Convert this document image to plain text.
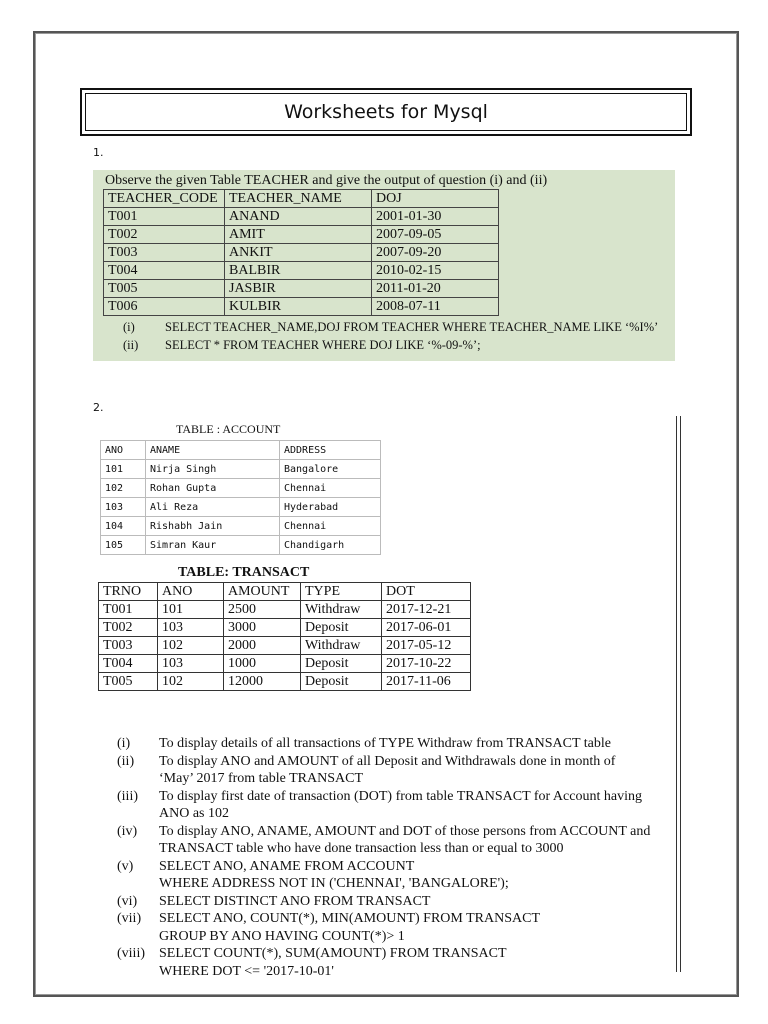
Worksheets for Mysql
1.
Observe the given Table TEACHER and give the output of question (i) and (ii)
TEACHER_CODE	TEACHER_NAME	DOJ
T001	ANAND	2001-01-30
T002	AMIT	2007-09-05
T003	ANKIT	2007-09-20
T004	BALBIR	2010-02-15
T005	JASBIR	2011-01-20
T006	KULBIR	2008-07-11
(i) SELECT TEACHER_NAME,DOJ FROM TEACHER WHERE TEACHER_NAME LIKE ‘%I%’
(ii) SELECT * FROM TEACHER WHERE DOJ LIKE ‘%-09-%’;
2.
TABLE : ACCOUNT
ANO	ANAME	ADDRESS
101	Nirja Singh	Bangalore
102	Rohan Gupta	Chennai
103	Ali Reza	Hyderabad
104	Rishabh Jain	Chennai
105	Simran Kaur	Chandigarh
TABLE: TRANSACT
TRNO	ANO	AMOUNT	TYPE	DOT
T001	101	2500	Withdraw	2017-12-21
T002	103	3000	Deposit	2017-06-01
T003	102	2000	Withdraw	2017-05-12
T004	103	1000	Deposit	2017-10-22
T005	102	12000	Deposit	2017-11-06
(i)	To display details of all transactions of TYPE Withdraw from TRANSACT table
(ii)	To display ANO and AMOUNT of all Deposit and Withdrawals done in month of
‘May’ 2017 from table TRANSACT
(iii)	To display first date of transaction (DOT) from table TRANSACT for Account having
ANO as 102
(iv)	To display ANO, ANAME, AMOUNT and DOT of those persons from ACCOUNT and
TRANSACT table who have done transaction less than or equal to 3000
(v)	SELECT ANO, ANAME FROM ACCOUNT
WHERE ADDRESS NOT IN ('CHENNAI', 'BANGALORE');
(vi)	SELECT DISTINCT ANO FROM TRANSACT
(vii)	SELECT ANO, COUNT(*), MIN(AMOUNT) FROM TRANSACT
GROUP BY ANO HAVING COUNT(*)> 1
(viii)	SELECT COUNT(*), SUM(AMOUNT) FROM TRANSACT
WHERE DOT <= '2017-10-01'
